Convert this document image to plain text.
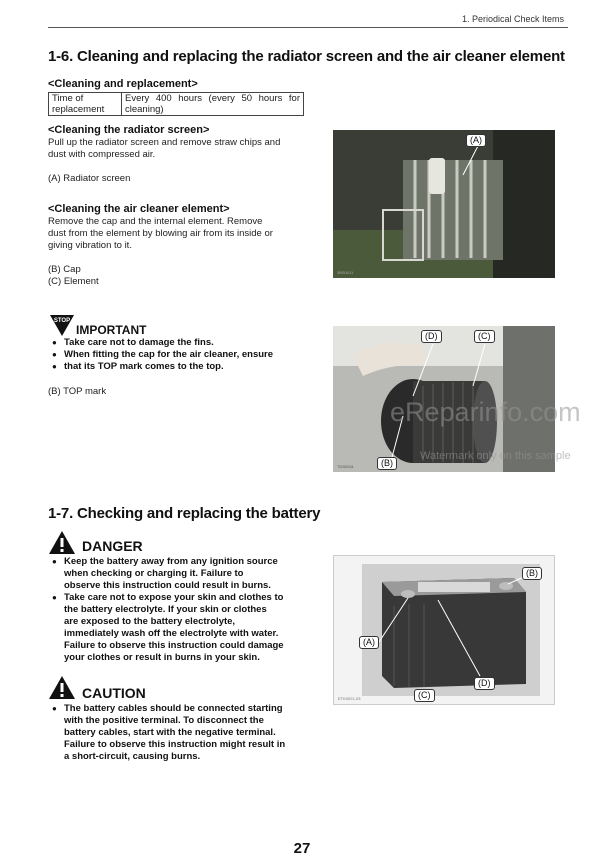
1. Periodical Check Items
1-6. Cleaning and replacing the radiator screen and the air cleaner element
<Cleaning and replacement>
Time of
replacement

Every 400 hours (every 50 hours for
cleaning)
<Cleaning the radiator screen>
Pull up the radiator screen and remove straw chips and
dust with compressed air.
(A) Radiator screen
<Cleaning the air cleaner element>
Remove the cap and the internal element. Remove
dust from the element by blowing air from its inside or
giving vibration to it.
(B) Cap
(C) Element
3BS0011
(A)
STOP
IMPORTANT
● Take care not to damage the fins.
● When fitting the cap for the air cleaner, ensure
● that its TOP mark comes to the top.
(B) TOP mark
TDS0041
(D)	(C)
(B)
eReparinfo.com
Watermark only on this sample
1-7. Checking and replacing the battery
DANGER
● Keep the battery away from any ignition source
when checking or charging it. Failure to
observe this instruction could result in burns.
● Take care not to expose your skin and clothes to
the battery electrolyte. If your skin or clothes
are exposed to the battery electrolyte,
immediately wash off the electrolyte with water.
Failure to observe this instruction could damage
your clothes or result in burns in your skin.
CAUTION
● The battery cables should be connected starting
with the positive terminal. To disconnect the
battery cables, start with the negative terminal.
Failure to observe this instruction might result in
a short-circuit, causing burns.
ETK0021-03
(B)
(A)
(D)
(C)
27
